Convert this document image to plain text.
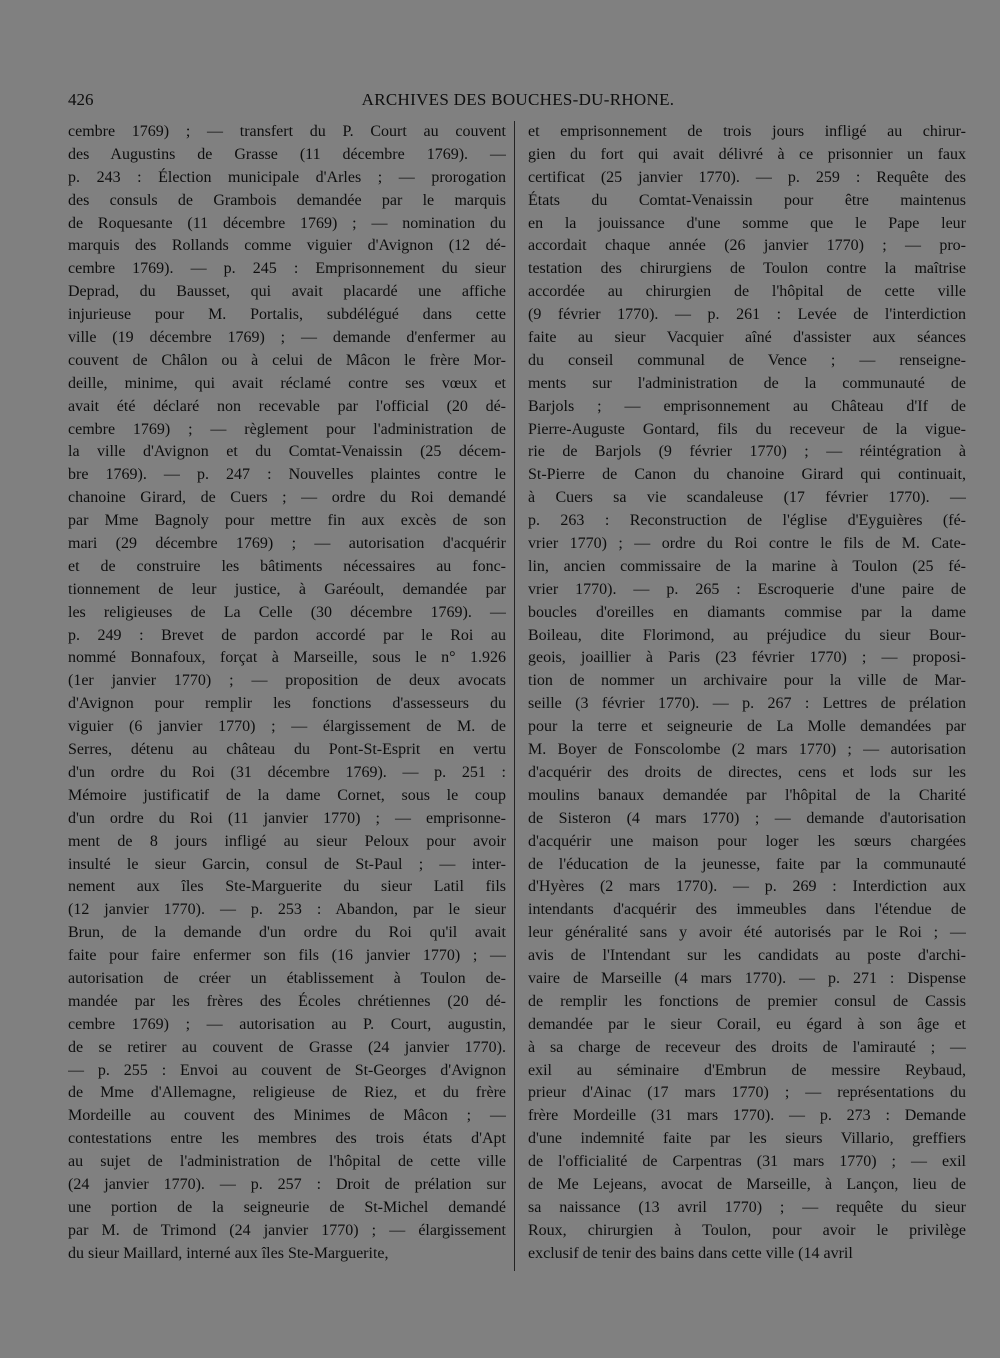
426	ARCHIVES DES BOUCHES-DU-RHONE.
cembre 1769) ; — transfert du P. Court au couvent
des Augustins de Grasse (11 décembre 1769). —
p. 243 : Élection municipale d'Arles ; — prorogation
des consuls de Grambois demandée par le marquis
de Roquesante (11 décembre 1769) ; — nomination du
marquis des Rollands comme viguier d'Avignon (12 dé-
cembre 1769). — p. 245 : Emprisonnement du sieur
Deprad, du Bausset, qui avait placardé une affiche
injurieuse pour M. Portalis, subdélégué dans cette
ville (19 décembre 1769) ; — demande d'enfermer au
couvent de Châlon ou à celui de Mâcon le frère Mor-
deille, minime, qui avait réclamé contre ses vœux et
avait été déclaré non recevable par l'official (20 dé-
cembre 1769) ; — règlement pour l'administration de
la ville d'Avignon et du Comtat-Venaissin (25 décem-
bre 1769). — p. 247 : Nouvelles plaintes contre le
chanoine Girard, de Cuers ; — ordre du Roi demandé
par Mme Bagnoly pour mettre fin aux excès de son
mari (29 décembre 1769) ; — autorisation d'acquérir
et de construire les bâtiments nécessaires au fonc-
tionnement de leur justice, à Garéoult, demandée par
les religieuses de La Celle (30 décembre 1769). —
p. 249 : Brevet de pardon accordé par le Roi au
nommé Bonnafoux, forçat à Marseille, sous le n° 1.926
(1er janvier 1770) ; — proposition de deux avocats
d'Avignon pour remplir les fonctions d'assesseurs du
viguier (6 janvier 1770) ; — élargissement de M. de
Serres, détenu au château du Pont-St-Esprit en vertu
d'un ordre du Roi (31 décembre 1769). — p. 251 :
Mémoire justificatif de la dame Cornet, sous le coup
d'un ordre du Roi (11 janvier 1770) ; — emprisonne-
ment de 8 jours infligé au sieur Peloux pour avoir
insulté le sieur Garcin, consul de St-Paul ; — inter-
nement aux îles Ste-Marguerite du sieur Latil fils
(12 janvier 1770). — p. 253 : Abandon, par le sieur
Brun, de la demande d'un ordre du Roi qu'il avait
faite pour faire enfermer son fils (16 janvier 1770) ; —
autorisation de créer un établissement à Toulon de-
mandée par les frères des Écoles chrétiennes (20 dé-
cembre 1769) ; — autorisation au P. Court, augustin,
de se retirer au couvent de Grasse (24 janvier 1770).
— p. 255 : Envoi au couvent de St-Georges d'Avignon
de Mme d'Allemagne, religieuse de Riez, et du frère
Mordeille au couvent des Minimes de Mâcon ; —
contestations entre les membres des trois états d'Apt
au sujet de l'administration de l'hôpital de cette ville
(24 janvier 1770). — p. 257 : Droit de prélation sur
une portion de la seigneurie de St-Michel demandé
par M. de Trimond (24 janvier 1770) ; — élargissement
du sieur Maillard, interné aux îles Ste-Marguerite,
et emprisonnement de trois jours infligé au chirur-
gien du fort qui avait délivré à ce prisonnier un faux
certificat (25 janvier 1770). — p. 259 : Requête des
États du Comtat-Venaissin pour être maintenus
en la jouissance d'une somme que le Pape leur
accordait chaque année (26 janvier 1770) ; — pro-
testation des chirurgiens de Toulon contre la maîtrise
accordée au chirurgien de l'hôpital de cette ville
(9 février 1770). — p. 261 : Levée de l'interdiction
faite au sieur Vacquier aîné d'assister aux séances
du conseil communal de Vence ; — renseigne-
ments sur l'administration de la communauté de
Barjols ; — emprisonnement au Château d'If de
Pierre-Auguste Gontard, fils du receveur de la vigue-
rie de Barjols (9 février 1770) ; — réintégration à
St-Pierre de Canon du chanoine Girard qui continuait,
à Cuers sa vie scandaleuse (17 février 1770). —
p. 263 : Reconstruction de l'église d'Eyguières (fé-
vrier 1770) ; — ordre du Roi contre le fils de M. Cate-
lin, ancien commissaire de la marine à Toulon (25 fé-
vrier 1770). — p. 265 : Escroquerie d'une paire de
boucles d'oreilles en diamants commise par la dame
Boileau, dite Florimond, au préjudice du sieur Bour-
geois, joaillier à Paris (23 février 1770) ; — proposi-
tion de nommer un archivaire pour la ville de Mar-
seille (3 février 1770). — p. 267 : Lettres de prélation
pour la terre et seigneurie de La Molle demandées par
M. Boyer de Fonscolombe (2 mars 1770) ; — autorisation
d'acquérir des droits de directes, cens et lods sur les
moulins banaux demandée par l'hôpital de la Charité
de Sisteron (4 mars 1770) ; — demande d'autorisation
d'acquérir une maison pour loger les sœurs chargées
de l'éducation de la jeunesse, faite par la communauté
d'Hyères (2 mars 1770). — p. 269 : Interdiction aux
intendants d'acquérir des immeubles dans l'étendue de
leur généralité sans y avoir été autorisés par le Roi ; —
avis de l'Intendant sur les candidats au poste d'archi-
vaire de Marseille (4 mars 1770). — p. 271 : Dispense
de remplir les fonctions de premier consul de Cassis
demandée par le sieur Corail, eu égard à son âge et
à sa charge de receveur des droits de l'amirauté ; —
exil au séminaire d'Embrun de messire Reybaud,
prieur d'Ainac (17 mars 1770) ; — représentations du
frère Mordeille (31 mars 1770). — p. 273 : Demande
d'une indemnité faite par les sieurs Villario, greffiers
de l'officialité de Carpentras (31 mars 1770) ; — exil
de Me Lejeans, avocat de Marseille, à Lançon, lieu de
sa naissance (13 avril 1770) ; — requête du sieur
Roux, chirurgien à Toulon, pour avoir le privilège
exclusif de tenir des bains dans cette ville (14 avril
